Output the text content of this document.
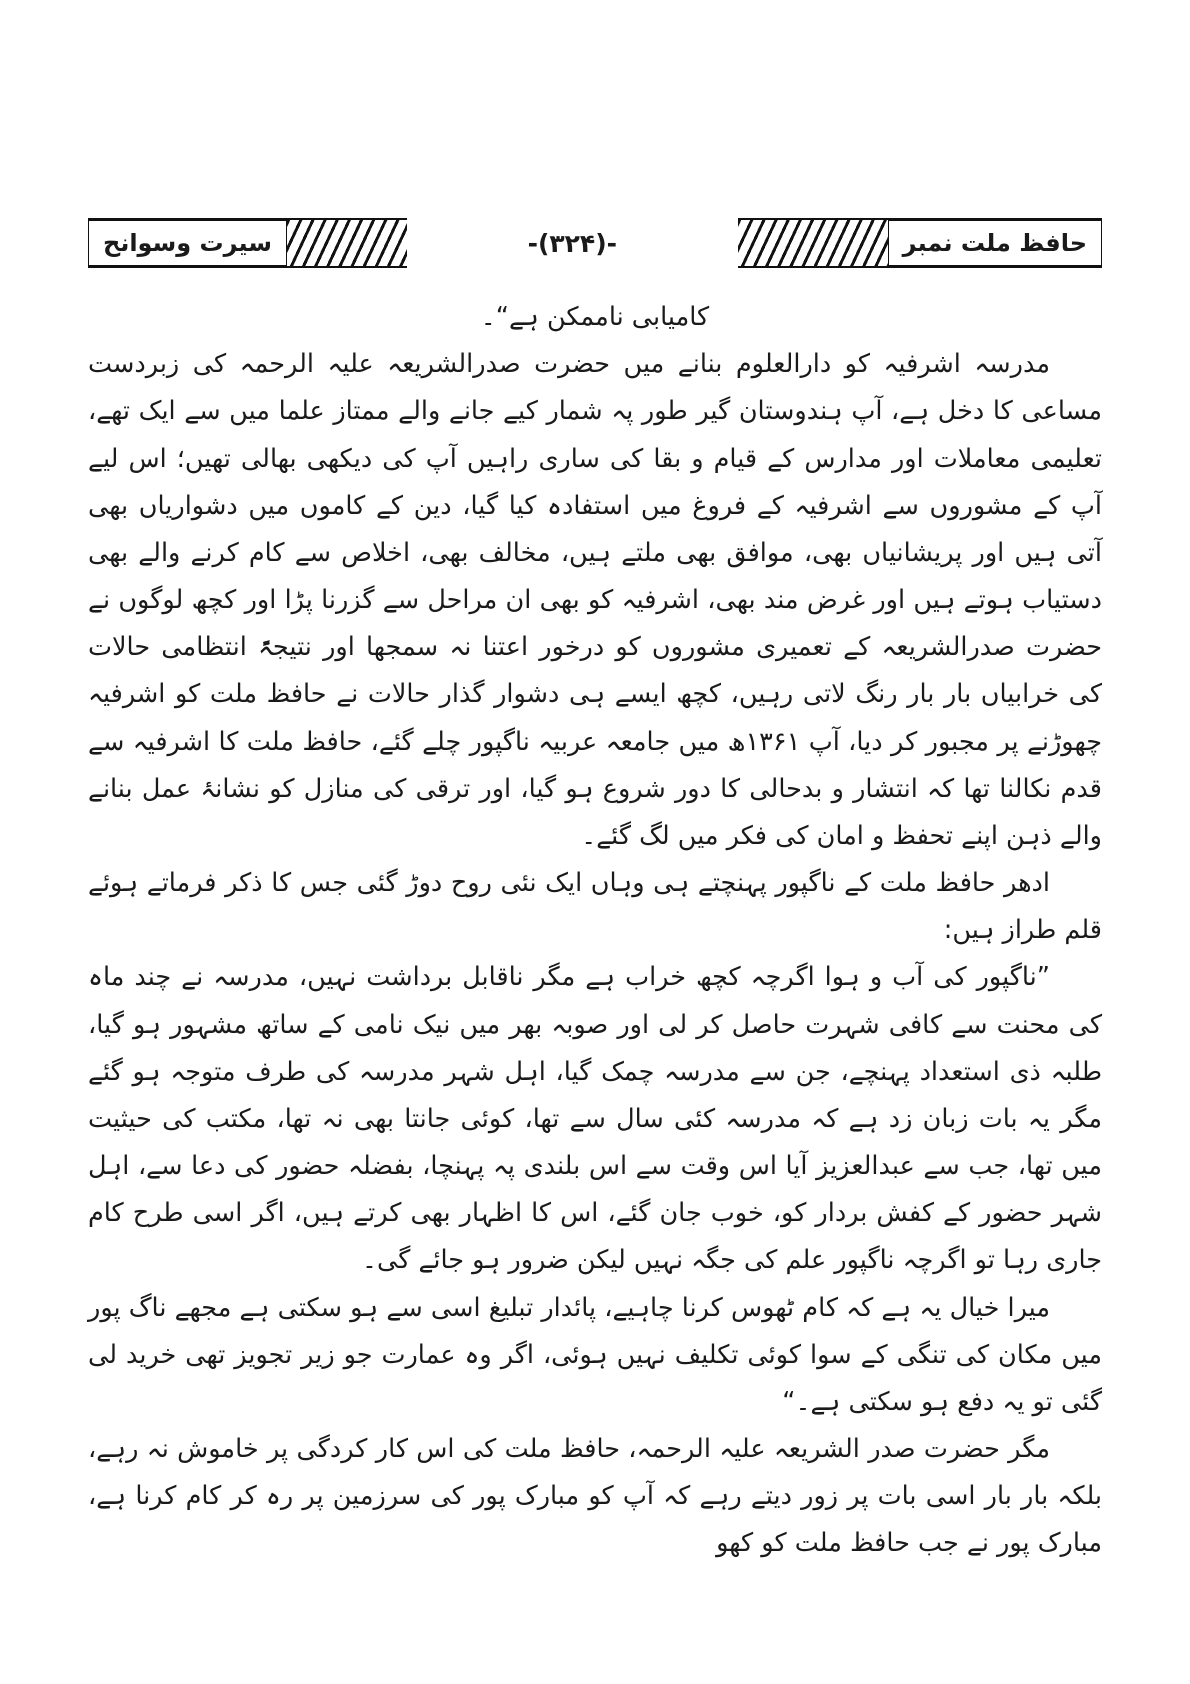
حافظ ملت نمبر
-(۳۲۴)-
سیرت وسوانح

کامیابی ناممکن ہے“۔

مدرسہ اشرفیہ کو دارالعلوم بنانے میں حضرت صدرالشریعہ علیہ الرحمہ کی زبردست مساعی کا دخل ہے، آپ ہندوستان گیر طور پہ شمار کیے جانے والے ممتاز علما میں سے ایک تھے، تعلیمی معاملات اور مدارس کے قیام و بقا کی ساری راہیں آپ کی دیکھی بھالی تھیں؛ اس لیے آپ کے مشوروں سے اشرفیہ کے فروغ میں استفادہ کیا گیا، دین کے کاموں میں دشواریاں بھی آتی ہیں اور پریشانیاں بھی، موافق بھی ملتے ہیں، مخالف بھی، اخلاص سے کام کرنے والے بھی دستیاب ہوتے ہیں اور غرض مند بھی، اشرفیہ کو بھی ان مراحل سے گزرنا پڑا اور کچھ لوگوں نے حضرت صدرالشریعہ کے تعمیری مشوروں کو درخور اعتنا نہ سمجھا اور نتیجۃً انتظامی حالات کی خرابیاں بار بار رنگ لاتی رہیں، کچھ ایسے ہی دشوار گذار حالات نے حافظ ملت کو اشرفیہ چھوڑنے پر مجبور کر دیا، آپ ۱۳۶۱ھ میں جامعہ عربیہ ناگپور چلے گئے، حافظ ملت کا اشرفیہ سے قدم نکالنا تھا کہ انتشار و بدحالی کا دور شروع ہو گیا، اور ترقی کی منازل کو نشانۂ عمل بنانے والے ذہن اپنے تحفظ و امان کی فکر میں لگ گئے۔

ادھر حافظ ملت کے ناگپور پہنچتے ہی وہاں ایک نئی روح دوڑ گئی جس کا ذکر فرماتے ہوئے قلم طراز ہیں:

”ناگپور کی آب و ہوا اگرچہ کچھ خراب ہے مگر ناقابل برداشت نہیں، مدرسہ نے چند ماہ کی محنت سے کافی شہرت حاصل کر لی اور صوبہ بھر میں نیک نامی کے ساتھ مشہور ہو گیا، طلبہ ذی استعداد پہنچے، جن سے مدرسہ چمک گیا، اہل شہر مدرسہ کی طرف متوجہ ہو گئے مگر یہ بات زبان زد ہے کہ مدرسہ کئی سال سے تھا، کوئی جانتا بھی نہ تھا، مکتب کی حیثیت میں تھا، جب سے عبدالعزیز آیا اس وقت سے اس بلندی پہ پہنچا، بفضلہ حضور کی دعا سے، اہل شہر حضور کے کفش بردار کو، خوب جان گئے، اس کا اظہار بھی کرتے ہیں، اگر اسی طرح کام جاری رہا تو اگرچہ ناگپور علم کی جگہ نہیں لیکن ضرور ہو جائے گی۔

میرا خیال یہ ہے کہ کام ٹھوس کرنا چاہیے، پائدار تبلیغ اسی سے ہو سکتی ہے مجھے ناگ پور میں مکان کی تنگی کے سوا کوئی تکلیف نہیں ہوئی، اگر وہ عمارت جو زیر تجویز تھی خرید لی گئی تو یہ دفع ہو سکتی ہے۔“

مگر حضرت صدر الشریعہ علیہ الرحمہ، حافظ ملت کی اس کار کردگی پر خاموش نہ رہے، بلکہ بار بار اسی بات پر زور دیتے رہے کہ آپ کو مبارک پور کی سرزمین پر رہ کر کام کرنا ہے، مبارک پور نے جب حافظ ملت کو کھو
